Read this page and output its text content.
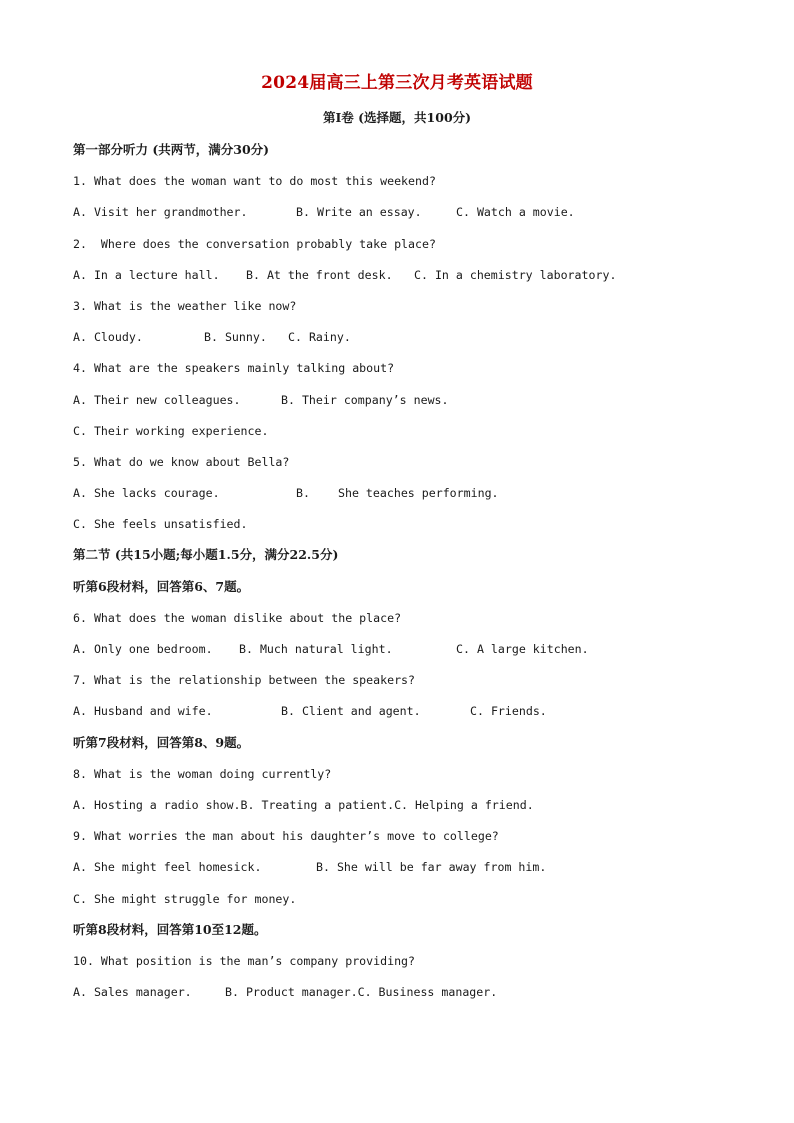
2024届高三上第三次月考英语试题
第I卷 (选择题，共100分)
第一部分听力 (共两节，满分30分)
1. What does the woman want to do most this weekend?
A. Visit her grandmother.	B. Write an essay.	C. Watch a movie.
2.  Where does the conversation probably take place?
A. In a lecture hall. B. At the front desk. C. In a chemistry laboratory.
3. What is the weather like now?
A. Cloudy.	B. Sunny. C. Rainy.
4. What are the speakers mainly talking about?
A. Their new colleagues.	B. Their company’s news.
C. Their working experience.
5. What do we know about Bella?
A. She lacks courage.	B. She teaches performing.
C. She feels unsatisfied.
第二节 (共15小题;每小题1.5分，满分22.5分)
听第6段材料，回答第6、7题。
6. What does the woman dislike about the place?
A. Only one bedroom. B. Much natural light.	C. A large kitchen.
7. What is the relationship between the speakers?
A. Husband and wife.	B. Client and agent.	C. Friends.
听第7段材料，回答第8、9题。
8. What is the woman doing currently?
A. Hosting a radio show.B. Treating a patient.C. Helping a friend.
9. What worries the man about his daughter’s move to college?
A. She might feel homesick.	B. She will be far away from him.
C. She might struggle for money.
听第8段材料，回答第10至12题。
10. What position is the man’s company providing?
A. Sales manager.	B. Product manager.C. Business manager.
